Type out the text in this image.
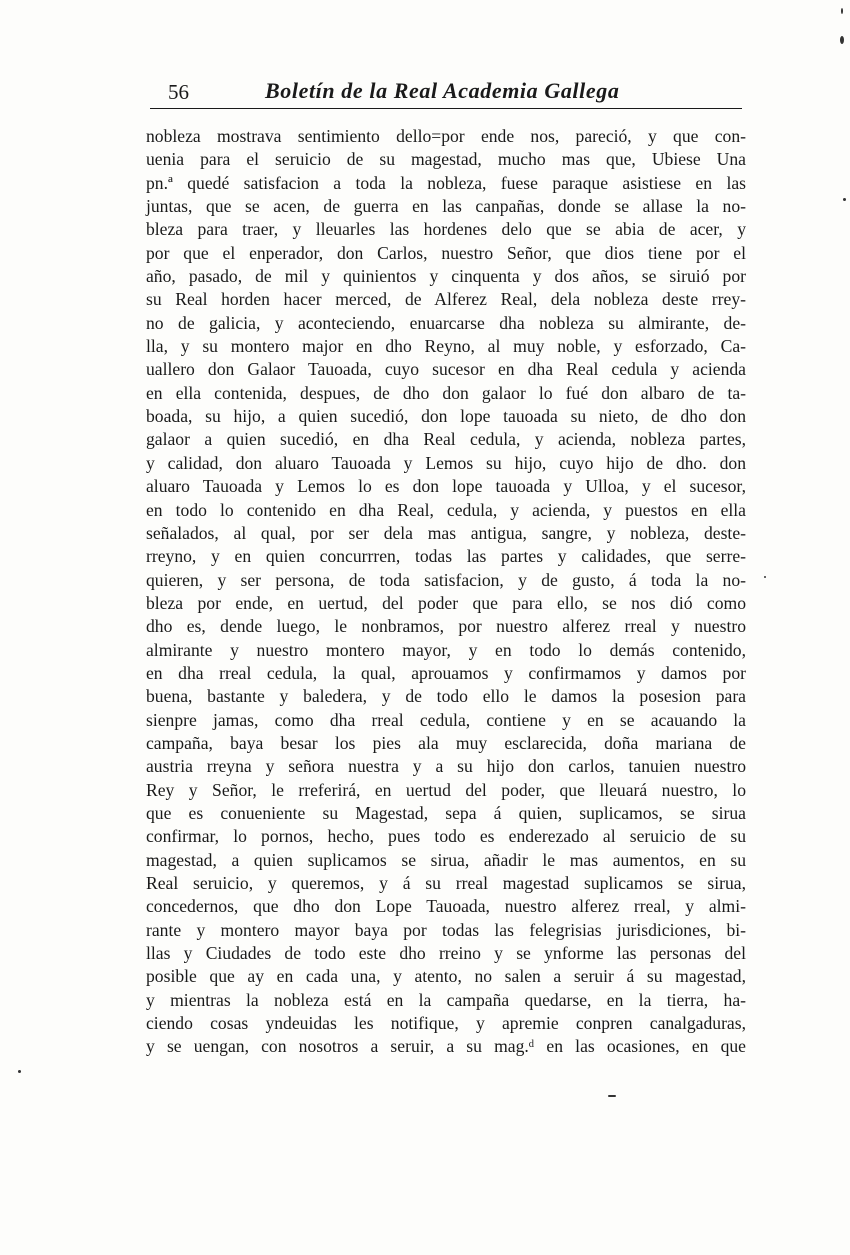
56	Boletín de la Real Academia Gallega
nobleza mostrava sentimiento dello=por ende nos, pareció, y que con-
uenia para el seruicio de su magestad, mucho mas que, Ubiese Una
pn.ª quedé satisfacion a toda la nobleza, fuese paraque asistiese en las
juntas, que se acen, de guerra en las canpañas, donde se allase la no-
bleza para traer, y lleuarles las hordenes delo que se abia de acer, y
por que el enperador, don Carlos, nuestro Señor, que dios tiene por el
año, pasado, de mil y quinientos y cinquenta y dos años, se siruió por
su Real horden hacer merced, de Alferez Real, dela nobleza deste rrey-
no de galicia, y aconteciendo, enuarcarse dha nobleza su almirante, de-
lla, y su montero major en dho Reyno, al muy noble, y esforzado, Ca-
uallero don Galaor Tauoada, cuyo sucesor en dha Real cedula y acienda
en ella contenida, despues, de dho don galaor lo fué don albaro de ta-
boada, su hijo, a quien sucedió, don lope tauoada su nieto, de dho don
galaor a quien sucedió, en dha Real cedula, y acienda, nobleza partes,
y calidad, don aluaro Tauoada y Lemos su hijo, cuyo hijo de dho. don
aluaro Tauoada y Lemos lo es don lope tauoada y Ulloa, y el sucesor,
en todo lo contenido en dha Real, cedula, y acienda, y puestos en ella
señalados, al qual, por ser dela mas antigua, sangre, y nobleza, deste-
rreyno, y en quien concurrren, todas las partes y calidades, que serre-
quieren, y ser persona, de toda satisfacion, y de gusto, á toda la no-
bleza por ende, en uertud, del poder que para ello, se nos dió como
dho es, dende luego, le nonbramos, por nuestro alferez rreal y nuestro
almirante y nuestro montero mayor, y en todo lo demás contenido,
en dha rreal cedula, la qual, aprouamos y confirmamos y damos por
buena, bastante y baledera, y de todo ello le damos la posesion para
sienpre jamas, como dha rreal cedula, contiene y en se acauando la
campaña, baya besar los pies ala muy esclarecida, doña mariana de
austria rreyna y señora nuestra y a su hijo don carlos, tanuien nuestro
Rey y Señor, le rreferirá, en uertud del poder, que lleuará nuestro, lo
que es conueniente su Magestad, sepa á quien, suplicamos, se sirua
confirmar, lo pornos, hecho, pues todo es enderezado al seruicio de su
magestad, a quien suplicamos se sirua, añadir le mas aumentos, en su
Real seruicio, y queremos, y á su rreal magestad suplicamos se sirua,
concedernos, que dho don Lope Tauoada, nuestro alferez rreal, y almi-
rante y montero mayor baya por todas las felegrisias jurisdiciones, bi-
llas y Ciudades de todo este dho rreino y se ynforme las personas del
posible que ay en cada una, y atento, no salen a seruir á su magestad,
y mientras la nobleza está en la campaña quedarse, en la tierra, ha-
ciendo cosas yndeuidas les notifique, y apremie conpren canalgaduras,
y se uengan, con nosotros a seruir, a su mag.ᵈ en las ocasiones, en que
